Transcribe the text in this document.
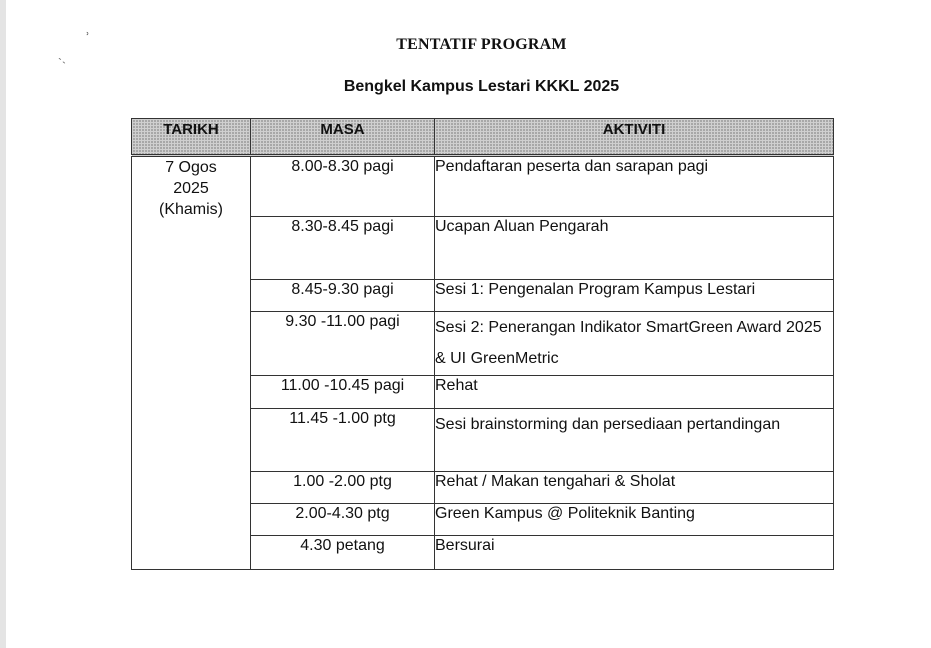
ʾ
˴ˎ
TENTATIF PROGRAM
Bengkel Kampus Lestari KKKL 2025
TARIKH	MASA	AKTIVITI

7 Ogos
2025
(Khamis)	8.00-8.30 pagi	Pendaftaran peserta dan sarapan pagi
	8.30-8.45 pagi	Ucapan Aluan Pengarah
	8.45-9.30 pagi	Sesi 1: Pengenalan Program Kampus Lestari
	9.30 -11.00 pagi	Sesi 2: Penerangan Indikator SmartGreen Award 2025 & UI GreenMetric
	11.00 -10.45 pagi	Rehat
	11.45 -1.00 ptg	Sesi brainstorming dan persediaan pertandingan
	1.00 -2.00 ptg	Rehat / Makan tengahari & Sholat
	2.00-4.30 ptg	Green Kampus @ Politeknik Banting
	4.30 petang	Bersurai
